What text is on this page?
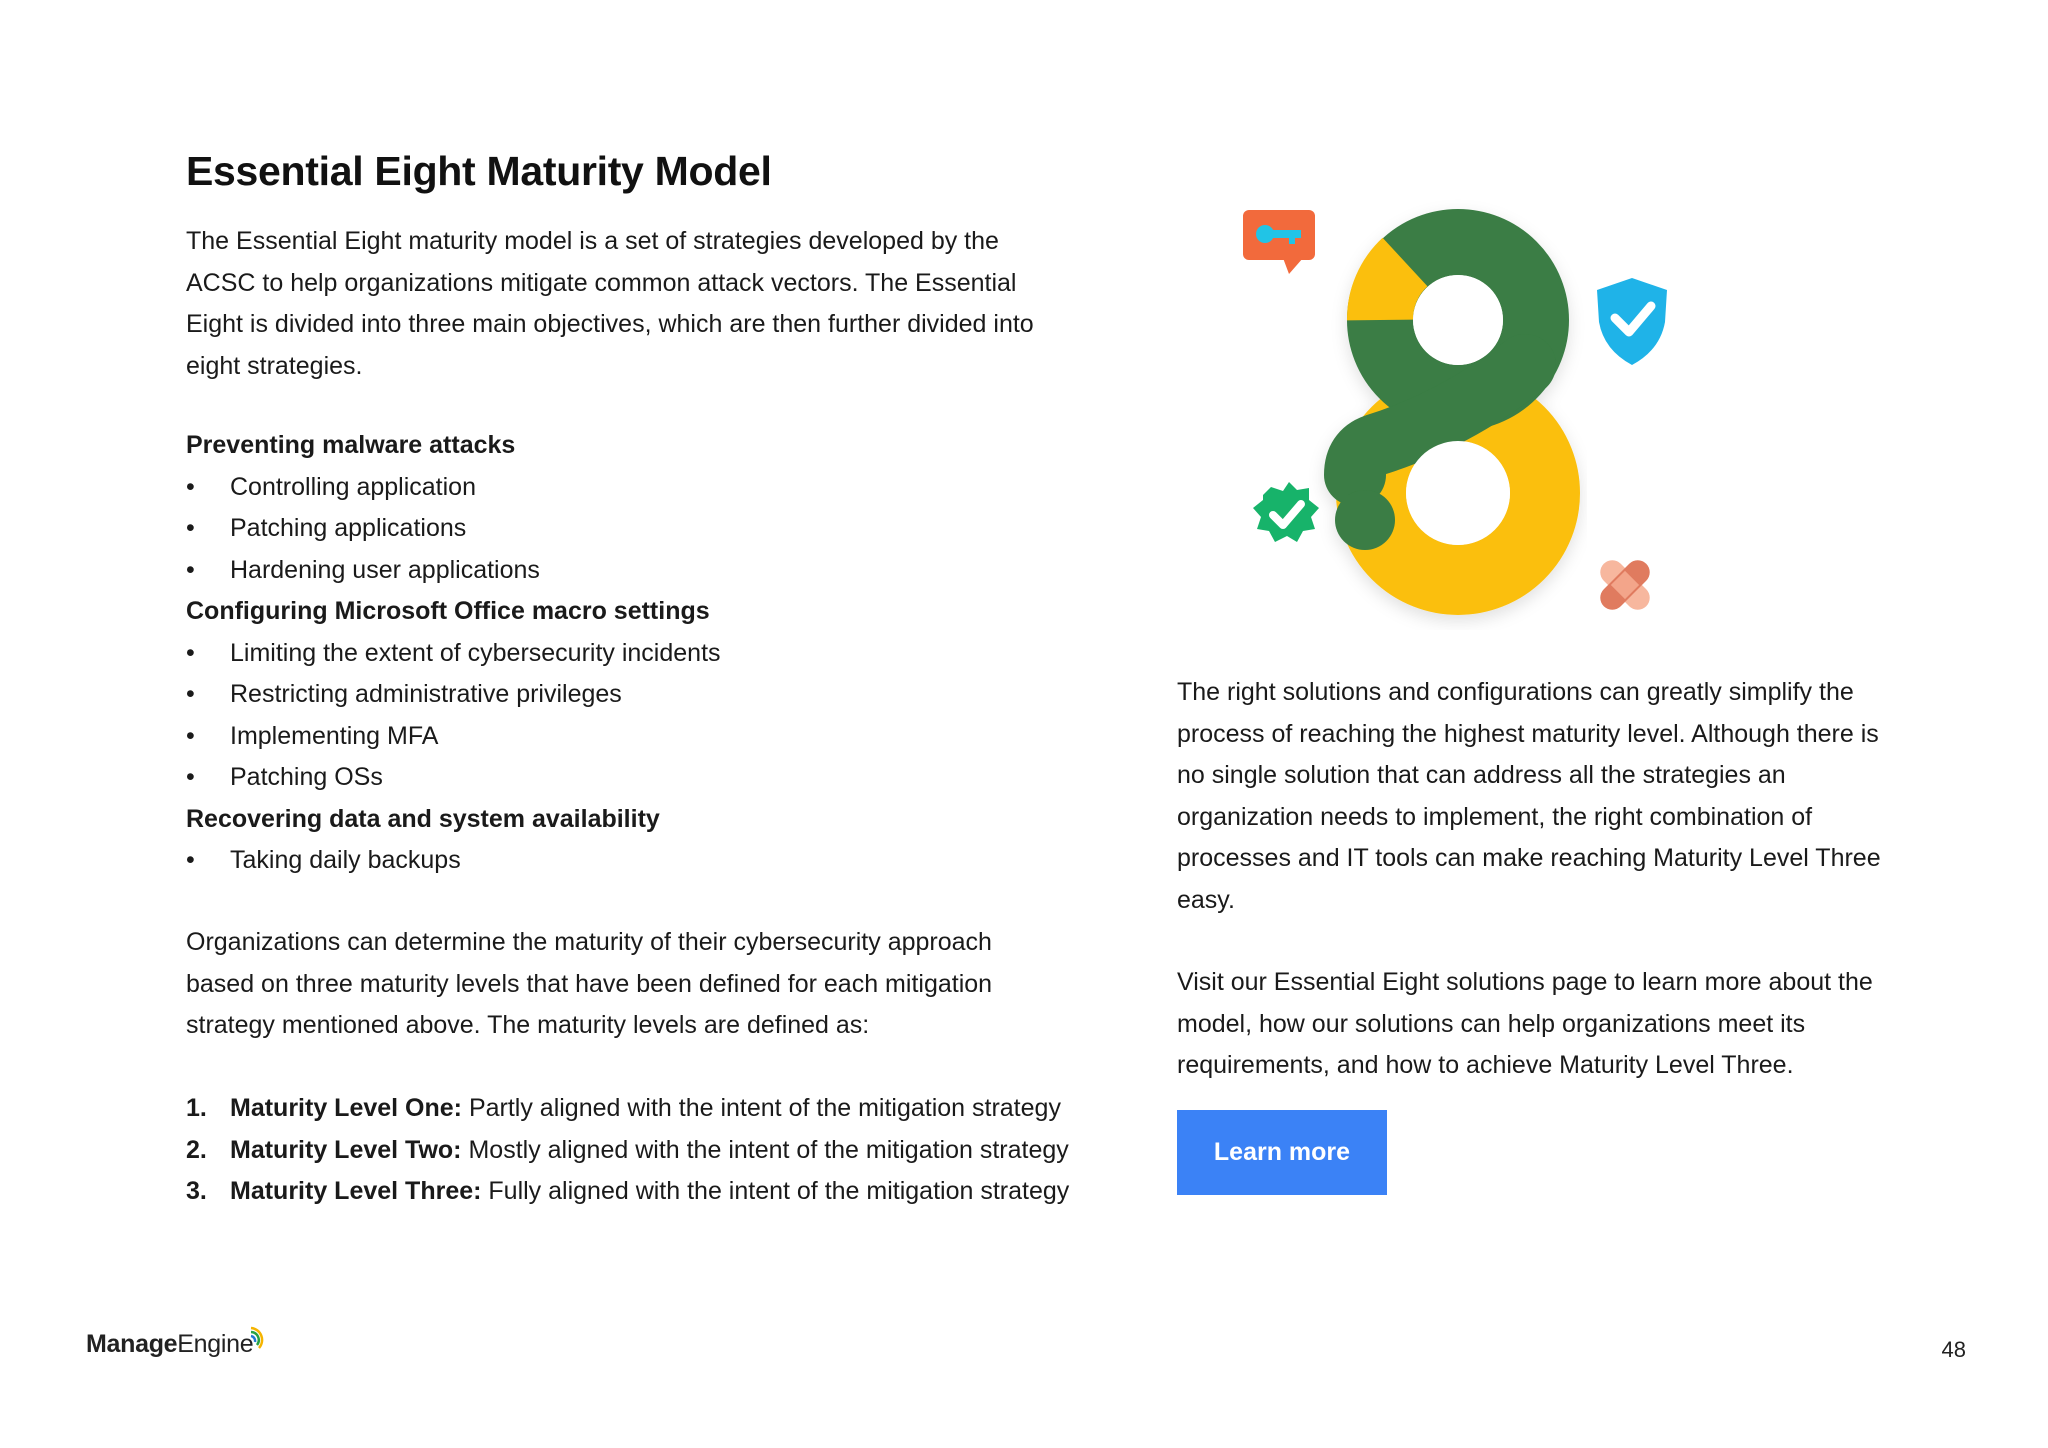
Essential Eight Maturity Model

The Essential Eight maturity model is a set of strategies developed by the ACSC to help organizations mitigate common attack vectors. The Essential Eight is divided into three main objectives, which are then further divided into eight strategies.

Preventing malware attacks

•	Controlling application
•	Patching applications
•	Hardening user applications

Configuring Microsoft Office macro settings

•	Limiting the extent of cybersecurity incidents
•	Restricting administrative privileges
•	Implementing MFA
•	Patching OSs

Recovering data and system availability

•	Taking daily backups

Organizations can determine the maturity of their cybersecurity approach based on three maturity levels that have been defined for each mitigation strategy mentioned above. The maturity levels are defined as:

1. Maturity Level One: Partly aligned with the intent of the mitigation strategy
2. Maturity Level Two: Mostly aligned with the intent of the mitigation strategy
3. Maturity Level Three: Fully aligned with the intent of the mitigation strategy

The right solutions and configurations can greatly simplify the process of reaching the highest maturity level. Although there is no single solution that can address all the strategies an organization needs to implement, the right combination of processes and IT tools can make reaching Maturity Level Three easy.

Visit our Essential Eight solutions page to learn more about the model, how our solutions can help organizations meet its requirements, and how to achieve Maturity Level Three.

Learn more
ManageEngine	48
